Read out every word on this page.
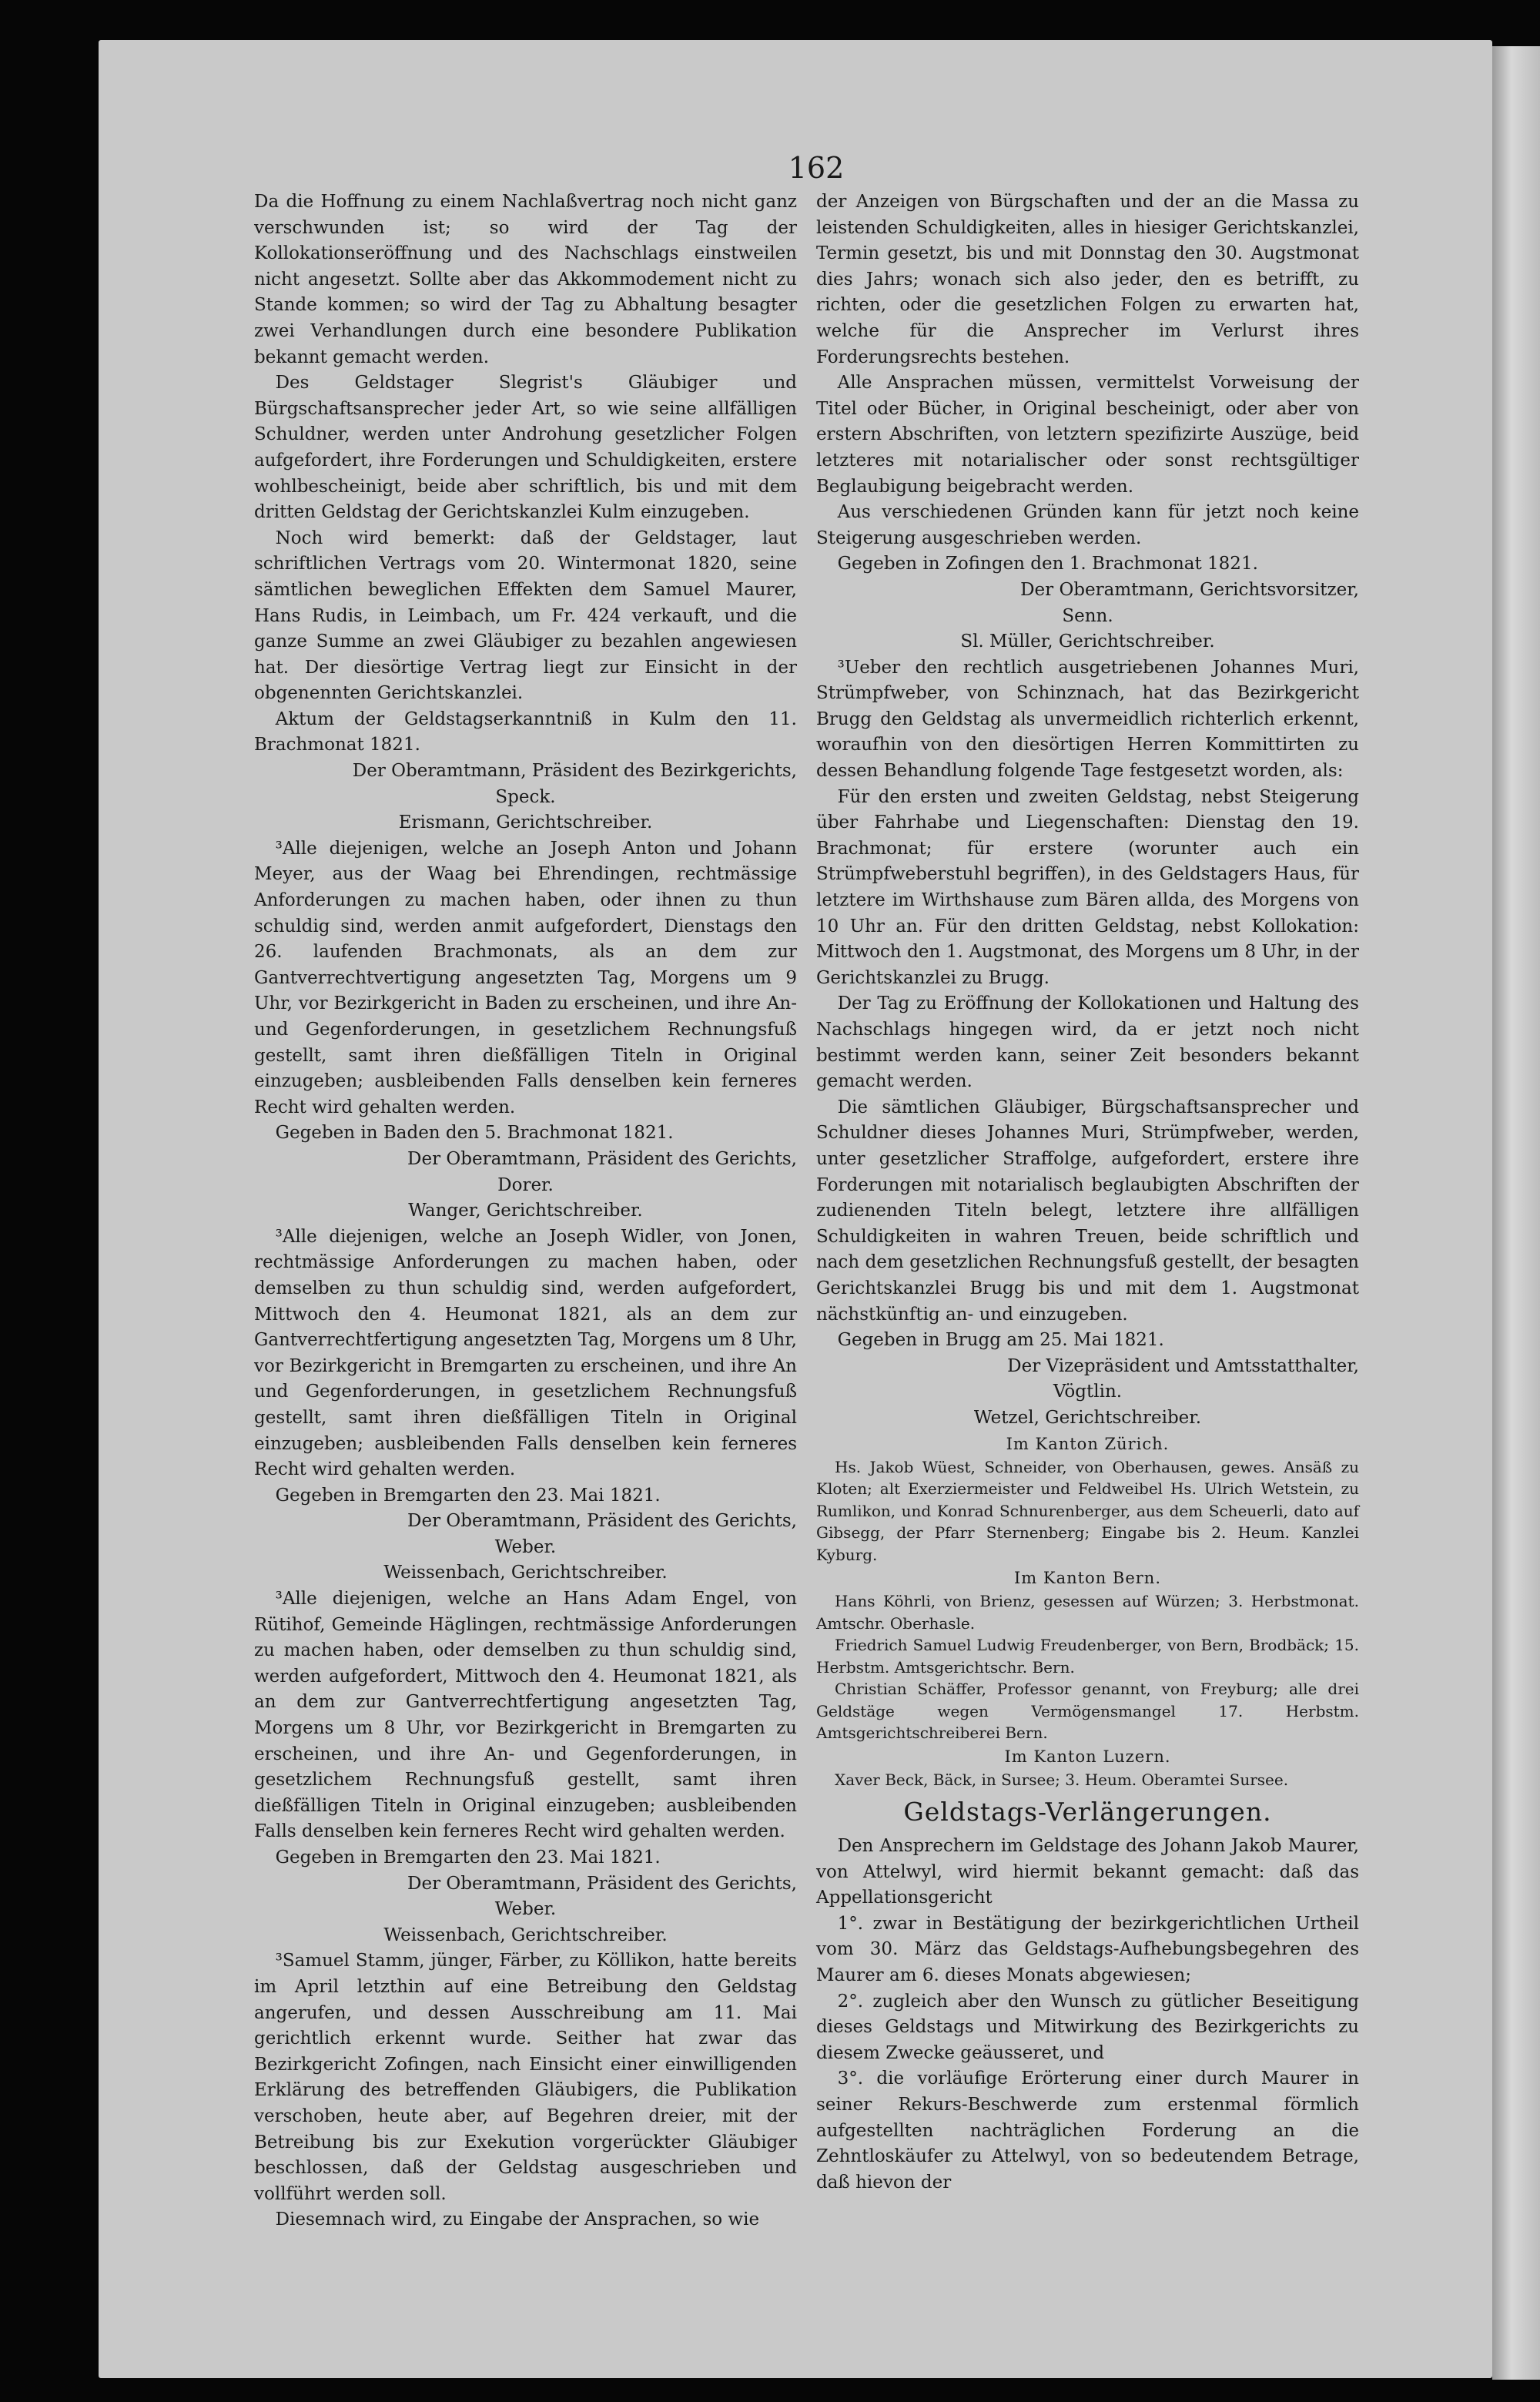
162

Da die Hoffnung zu einem Nachlaßvertrag noch nicht ganz verschwunden ist; so wird der Tag der Kollokationseröffnung und des Nachschlags einstweilen nicht angesetzt. Sollte aber das Akkommodement nicht zu Stande kommen; so wird der Tag zu Abhaltung besagter zwei Verhandlungen durch eine besondere Publikation bekannt gemacht werden.

Des Geldstager Slegrist's Gläubiger und Bürgschaftsansprecher jeder Art, so wie seine allfälligen Schuldner, werden unter Androhung gesetzlicher Folgen aufgefordert, ihre Forderungen und Schuldigkeiten, erstere wohlbescheinigt, beide aber schriftlich, bis und mit dem dritten Geldstag der Gerichtskanzlei Kulm einzugeben.

Noch wird bemerkt: daß der Geldstager, laut schriftlichen Vertrags vom 20. Wintermonat 1820, seine sämtlichen beweglichen Effekten dem Samuel Maurer, Hans Rudis, in Leimbach, um Fr. 424 verkauft, und die ganze Summe an zwei Gläubiger zu bezahlen angewiesen hat. Der diesörtige Vertrag liegt zur Einsicht in der obgenennten Gerichtskanzlei.

Aktum der Geldstagserkanntniß in Kulm den 11. Brachmonat 1821.

Der Oberamtmann, Präsident des Bezirkgerichts,

Speck.

Erismann, Gerichtschreiber.

³Alle diejenigen, welche an Joseph Anton und Johann Meyer, aus der Waag bei Ehrendingen, rechtmässige Anforderungen zu machen haben, oder ihnen zu thun schuldig sind, werden anmit aufgefordert, Dienstags den 26. laufenden Brachmonats, als an dem zur Gantverrechtvertigung angesetzten Tag, Morgens um 9 Uhr, vor Bezirkgericht in Baden zu erscheinen, und ihre An- und Gegenforderungen, in gesetzlichem Rechnungsfuß gestellt, samt ihren dießfälligen Titeln in Original einzugeben; ausbleibenden Falls denselben kein ferneres Recht wird gehalten werden.

Gegeben in Baden den 5. Brachmonat 1821.

Der Oberamtmann, Präsident des Gerichts,

Dorer.

Wanger, Gerichtschreiber.

³Alle diejenigen, welche an Joseph Widler, von Jonen, rechtmässige Anforderungen zu machen haben, oder demselben zu thun schuldig sind, werden aufgefordert, Mittwoch den 4. Heumonat 1821, als an dem zur Gantverrechtfertigung angesetzten Tag, Morgens um 8 Uhr, vor Bezirkgericht in Bremgarten zu erscheinen, und ihre An und Gegenforderungen, in gesetzlichem Rechnungsfuß gestellt, samt ihren dießfälligen Titeln in Original einzugeben; ausbleibenden Falls denselben kein ferneres Recht wird gehalten werden.

Gegeben in Bremgarten den 23. Mai 1821.

Der Oberamtmann, Präsident des Gerichts,

Weber.

Weissenbach, Gerichtschreiber.

³Alle diejenigen, welche an Hans Adam Engel, von Rütihof, Gemeinde Häglingen, rechtmässige Anforderungen zu machen haben, oder demselben zu thun schuldig sind, werden aufgefordert, Mittwoch den 4. Heumonat 1821, als an dem zur Gantverrechtfertigung angesetzten Tag, Morgens um 8 Uhr, vor Bezirkgericht in Bremgarten zu erscheinen, und ihre An- und Gegenforderungen, in gesetzlichem Rechnungsfuß gestellt, samt ihren dießfälligen Titeln in Original einzugeben; ausbleibenden Falls denselben kein ferneres Recht wird gehalten werden.

Gegeben in Bremgarten den 23. Mai 1821.

Der Oberamtmann, Präsident des Gerichts,

Weber.

Weissenbach, Gerichtschreiber.

³Samuel Stamm, jünger, Färber, zu Köllikon, hatte bereits im April letzthin auf eine Betreibung den Geldstag angerufen, und dessen Ausschreibung am 11. Mai gerichtlich erkennt wurde. Seither hat zwar das Bezirkgericht Zofingen, nach Einsicht einer einwilligenden Erklärung des betreffenden Gläubigers, die Publikation verschoben, heute aber, auf Begehren dreier, mit der Betreibung bis zur Exekution vorgerückter Gläubiger beschlossen, daß der Geldstag ausgeschrieben und vollführt werden soll.

Diesemnach wird, zu Eingabe der Ansprachen, so wie

der Anzeigen von Bürgschaften und der an die Massa zu leistenden Schuldigkeiten, alles in hiesiger Gerichtskanzlei, Termin gesetzt, bis und mit Donnstag den 30. Augstmonat dies Jahrs; wonach sich also jeder, den es betrifft, zu richten, oder die gesetzlichen Folgen zu erwarten hat, welche für die Ansprecher im Verlurst ihres Forderungsrechts bestehen.

Alle Ansprachen müssen, vermittelst Vorweisung der Titel oder Bücher, in Original bescheinigt, oder aber von erstern Abschriften, von letztern spezifizirte Auszüge, beid letzteres mit notarialischer oder sonst rechtsgültiger Beglaubigung beigebracht werden.

Aus verschiedenen Gründen kann für jetzt noch keine Steigerung ausgeschrieben werden.

Gegeben in Zofingen den 1. Brachmonat 1821.

Der Oberamtmann, Gerichtsvorsitzer,

Senn.

Sl. Müller, Gerichtschreiber.

³Ueber den rechtlich ausgetriebenen Johannes Muri, Strümpfweber, von Schinznach, hat das Bezirkgericht Brugg den Geldstag als unvermeidlich richterlich erkennt, woraufhin von den diesörtigen Herren Kommittirten zu dessen Behandlung folgende Tage festgesetzt worden, als:

Für den ersten und zweiten Geldstag, nebst Steigerung über Fahrhabe und Liegenschaften: Dienstag den 19. Brachmonat; für erstere (worunter auch ein Strümpfweberstuhl begriffen), in des Geldstagers Haus, für letztere im Wirthshause zum Bären allda, des Morgens von 10 Uhr an. Für den dritten Geldstag, nebst Kollokation: Mittwoch den 1. Augstmonat, des Morgens um 8 Uhr, in der Gerichtskanzlei zu Brugg.

Der Tag zu Eröffnung der Kollokationen und Haltung des Nachschlags hingegen wird, da er jetzt noch nicht bestimmt werden kann, seiner Zeit besonders bekannt gemacht werden.

Die sämtlichen Gläubiger, Bürgschaftsansprecher und Schuldner dieses Johannes Muri, Strümpfweber, werden, unter gesetzlicher Straffolge, aufgefordert, erstere ihre Forderungen mit notarialisch beglaubigten Abschriften der zudienenden Titeln belegt, letztere ihre allfälligen Schuldigkeiten in wahren Treuen, beide schriftlich und nach dem gesetzlichen Rechnungsfuß gestellt, der besagten Gerichtskanzlei Brugg bis und mit dem 1. Augstmonat nächstkünftig an- und einzugeben.

Gegeben in Brugg am 25. Mai 1821.

Der Vizepräsident und Amtsstatthalter,

Vögtlin.

Wetzel, Gerichtschreiber.

Im Kanton Zürich.

Hs. Jakob Wüest, Schneider, von Oberhausen, gewes. Ansäß zu Kloten; alt Exerziermeister und Feldweibel Hs. Ulrich Wetstein, zu Rumlikon, und Konrad Schnurenberger, aus dem Scheuerli, dato auf Gibsegg, der Pfarr Sternenberg; Eingabe bis 2. Heum. Kanzlei Kyburg.

Im Kanton Bern.

Hans Köhrli, von Brienz, gesessen auf Würzen; 3. Herbstmonat. Amtschr. Oberhasle.

Friedrich Samuel Ludwig Freudenberger, von Bern, Brodbäck; 15. Herbstm. Amtsgerichtschr. Bern.

Christian Schäffer, Professor genannt, von Freyburg; alle drei Geldstäge wegen Vermögensmangel 17. Herbstm. Amtsgerichtschreiberei Bern.

Im Kanton Luzern.

Xaver Beck, Bäck, in Sursee; 3. Heum. Oberamtei Sursee.

Geldstags-Verlängerungen.

Den Ansprechern im Geldstage des Johann Jakob Maurer, von Attelwyl, wird hiermit bekannt gemacht: daß das Appellationsgericht

1°. zwar in Bestätigung der bezirkgerichtlichen Urtheil vom 30. März das Geldstags-Aufhebungsbegehren des Maurer am 6. dieses Monats abgewiesen;

2°. zugleich aber den Wunsch zu gütlicher Beseitigung dieses Geldstags und Mitwirkung des Bezirkgerichts zu diesem Zwecke geäusseret, und

3°. die vorläufige Erörterung einer durch Maurer in seiner Rekurs-Beschwerde zum erstenmal förmlich aufgestellten nachträglichen Forderung an die Zehntloskäufer zu Attelwyl, von so bedeutendem Betrage, daß hievon der
